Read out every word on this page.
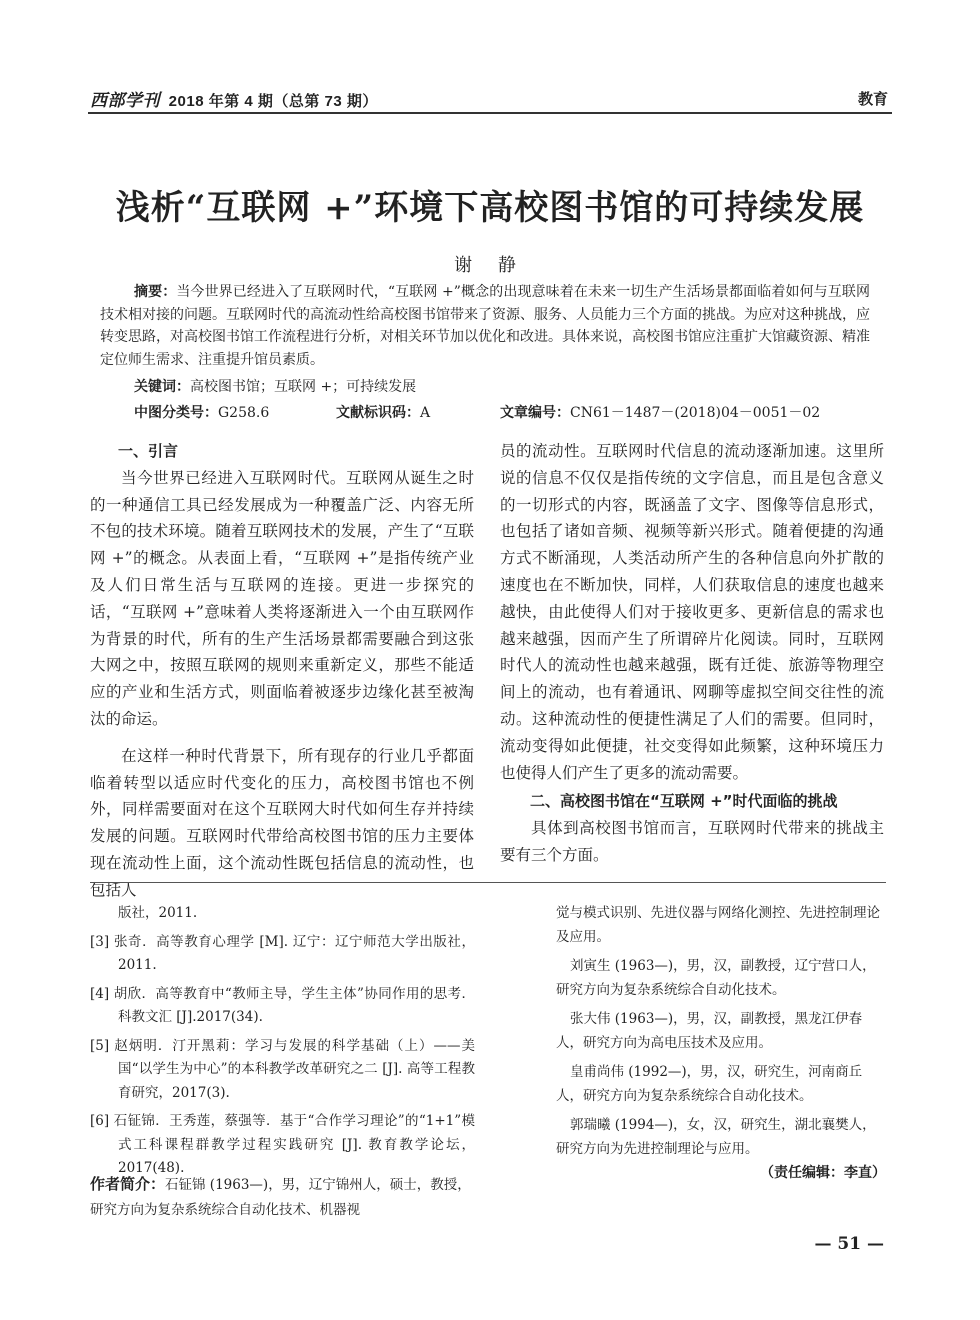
西部学刊 2018 年第 4 期（总第 73 期）	教育
浅析“互联网 +”环境下高校图书馆的可持续发展
谢 静
摘要：当今世界已经进入了互联网时代，“互联网 +”概念的出现意味着在未来一切生产生活场景都面临着如何与互联网技术相对接的问题。互联网时代的高流动性给高校图书馆带来了资源、服务、人员能力三个方面的挑战。为应对这种挑战，应转变思路，对高校图书馆工作流程进行分析，对相关环节加以优化和改进。具体来说，高校图书馆应注重扩大馆藏资源、精准定位师生需求、注重提升馆员素质。
关键词：高校图书馆；互联网 +；可持续发展
中图分类号：G258.6	文献标识码：A	文章编号：CN61－1487－(2018)04－0051－02

一、引言

当今世界已经进入互联网时代。互联网从诞生之时的一种通信工具已经发展成为一种覆盖广泛、内容无所不包的技术环境。随着互联网技术的发展，产生了“互联网 +”的概念。从表面上看，“互联网 +”是指传统产业及人们日常生活与互联网的连接。更进一步探究的话，“互联网 +”意味着人类将逐渐进入一个由互联网作为背景的时代，所有的生产生活场景都需要融合到这张大网之中，按照互联网的规则来重新定义，那些不能适应的产业和生活方式，则面临着被逐步边缘化甚至被淘汰的命运。

在这样一种时代背景下，所有现存的行业几乎都面临着转型以适应时代变化的压力，高校图书馆也不例外，同样需要面对在这个互联网大时代如何生存并持续发展的问题。互联网时代带给高校图书馆的压力主要体现在流动性上面，这个流动性既包括信息的流动性，也包括人

员的流动性。互联网时代信息的流动逐渐加速。这里所说的信息不仅仅是指传统的文字信息，而且是包含意义的一切形式的内容，既涵盖了文字、图像等信息形式，也包括了诸如音频、视频等新兴形式。随着便捷的沟通方式不断涌现，人类活动所产生的各种信息向外扩散的速度也在不断加快，同样，人们获取信息的速度也越来越快，由此使得人们对于接收更多、更新信息的需求也越来越强，因而产生了所谓碎片化阅读。同时，互联网时代人的流动性也越来越强，既有迁徙、旅游等物理空间上的流动，也有着通讯、网聊等虚拟空间交往性的流动。这种流动性的便捷性满足了人们的需要。但同时，流动变得如此便捷，社交变得如此频繁，这种环境压力也使得人们产生了更多的流动需要。

二、高校图书馆在“互联网 +”时代面临的挑战

具体到高校图书馆而言，互联网时代带来的挑战主要有三个方面。

版社，2011.

[3] 张奇．高等教育心理学 [M]. 辽宁：辽宁师范大学出版社，2011.

[4] 胡欣．高等教育中“教师主导，学生主体”协同作用的思考．科教文汇 [J].2017(34).

[5] 赵炳明．汀开黑莉：学习与发展的科学基础（上）——美国“以学生为中心”的本科教学改革研究之二 [J]. 高等工程教育研究，2017(3).

[6] 石钲锦．王秀莲，蔡强等．基于“合作学习理论”的“1+1”模式工科课程群教学过程实践研究 [J]. 教育教学论坛，2017(48).

作者简介：石钲锦 (1963—)，男，辽宁锦州人，硕士，教授，研究方向为复杂系统综合自动化技术、机器视

觉与模式识别、先进仪器与网络化测控、先进控制理论及应用。

刘寅生 (1963—)，男，汉，副教授，辽宁营口人，研究方向为复杂系统综合自动化技术。

张大伟 (1963—)，男，汉，副教授，黑龙江伊春人，研究方向为高电压技术及应用。

皇甫尚伟 (1992—)，男，汉，研究生，河南商丘人，研究方向为复杂系统综合自动化技术。

郭瑞曦 (1994—)，女，汉，研究生，湖北襄樊人，研究方向为先进控制理论与应用。

（责任编辑：李直）
— 51 —
